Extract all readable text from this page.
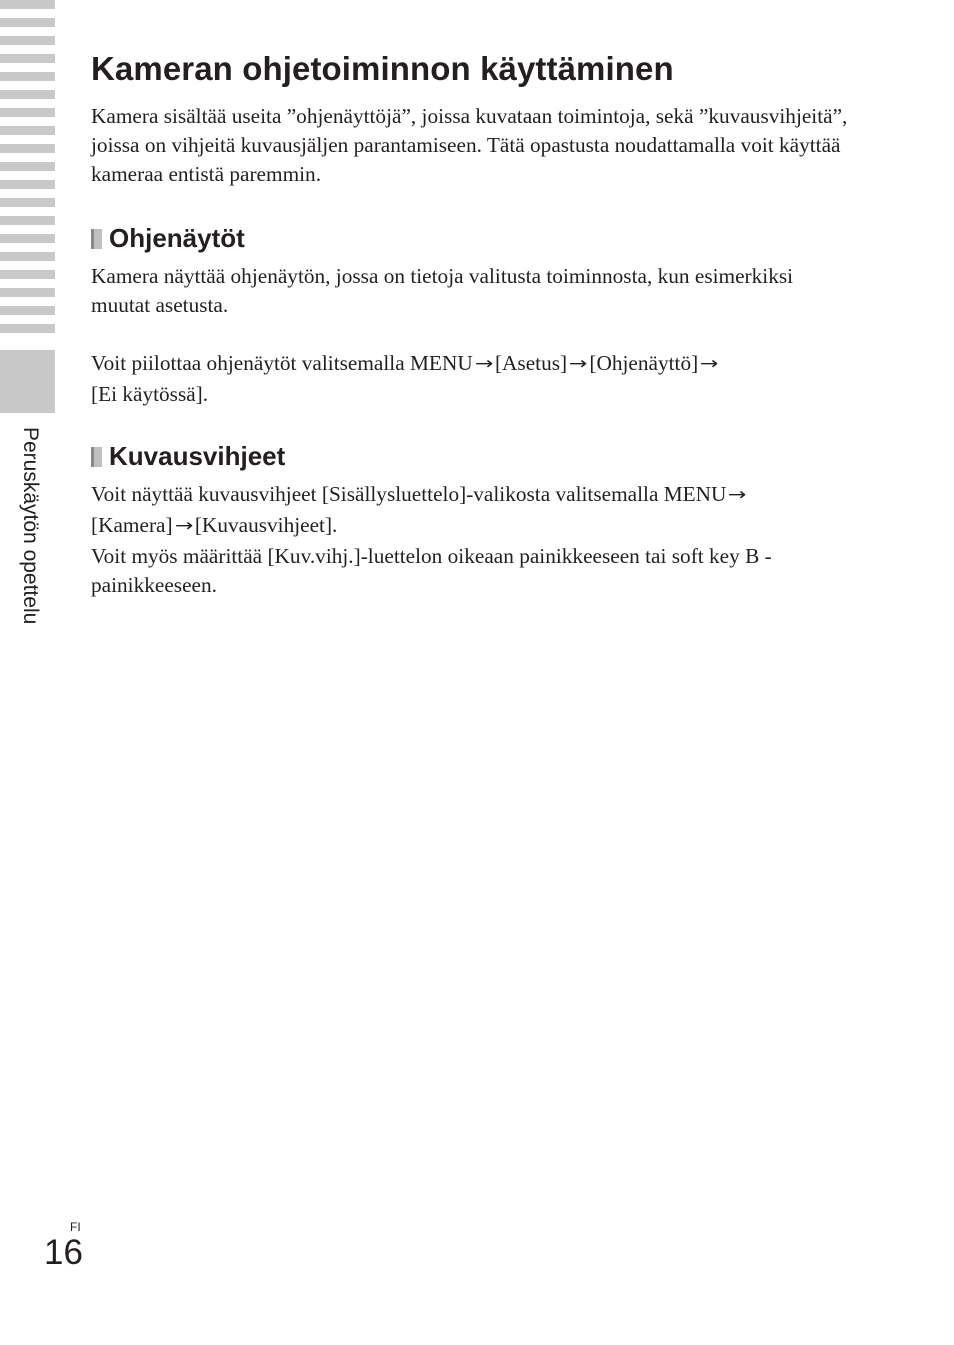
Peruskäytön opettelu
Kameran ohjetoiminnon käyttäminen

Kamera sisältää useita ”ohjenäyttöjä”, joissa kuvataan toimintoja, sekä ”kuvausvihjeitä”, joissa on vihjeitä kuvausjäljen parantamiseen. Tätä opastusta noudattamalla voit käyttää kameraa entistä paremmin.

Ohjenäytöt

Kamera näyttää ohjenäytön, jossa on tietoja valitusta toiminnosta, kun esimerkiksi muutat asetusta.

Voit piilottaa ohjenäytöt valitsemalla MENU →[Asetus] →[Ohjenäyttö] →
[Ei käytössä].

Kuvausvihjeet

Voit näyttää kuvausvihjeet [Sisällysluettelo]-valikosta valitsemalla MENU →
[Kamera] →[Kuvausvihjeet].
Voit myös määrittää [Kuv.vihj.]-luettelon oikeaan painikkeeseen tai soft key B -painikkeeseen.

FI
16
